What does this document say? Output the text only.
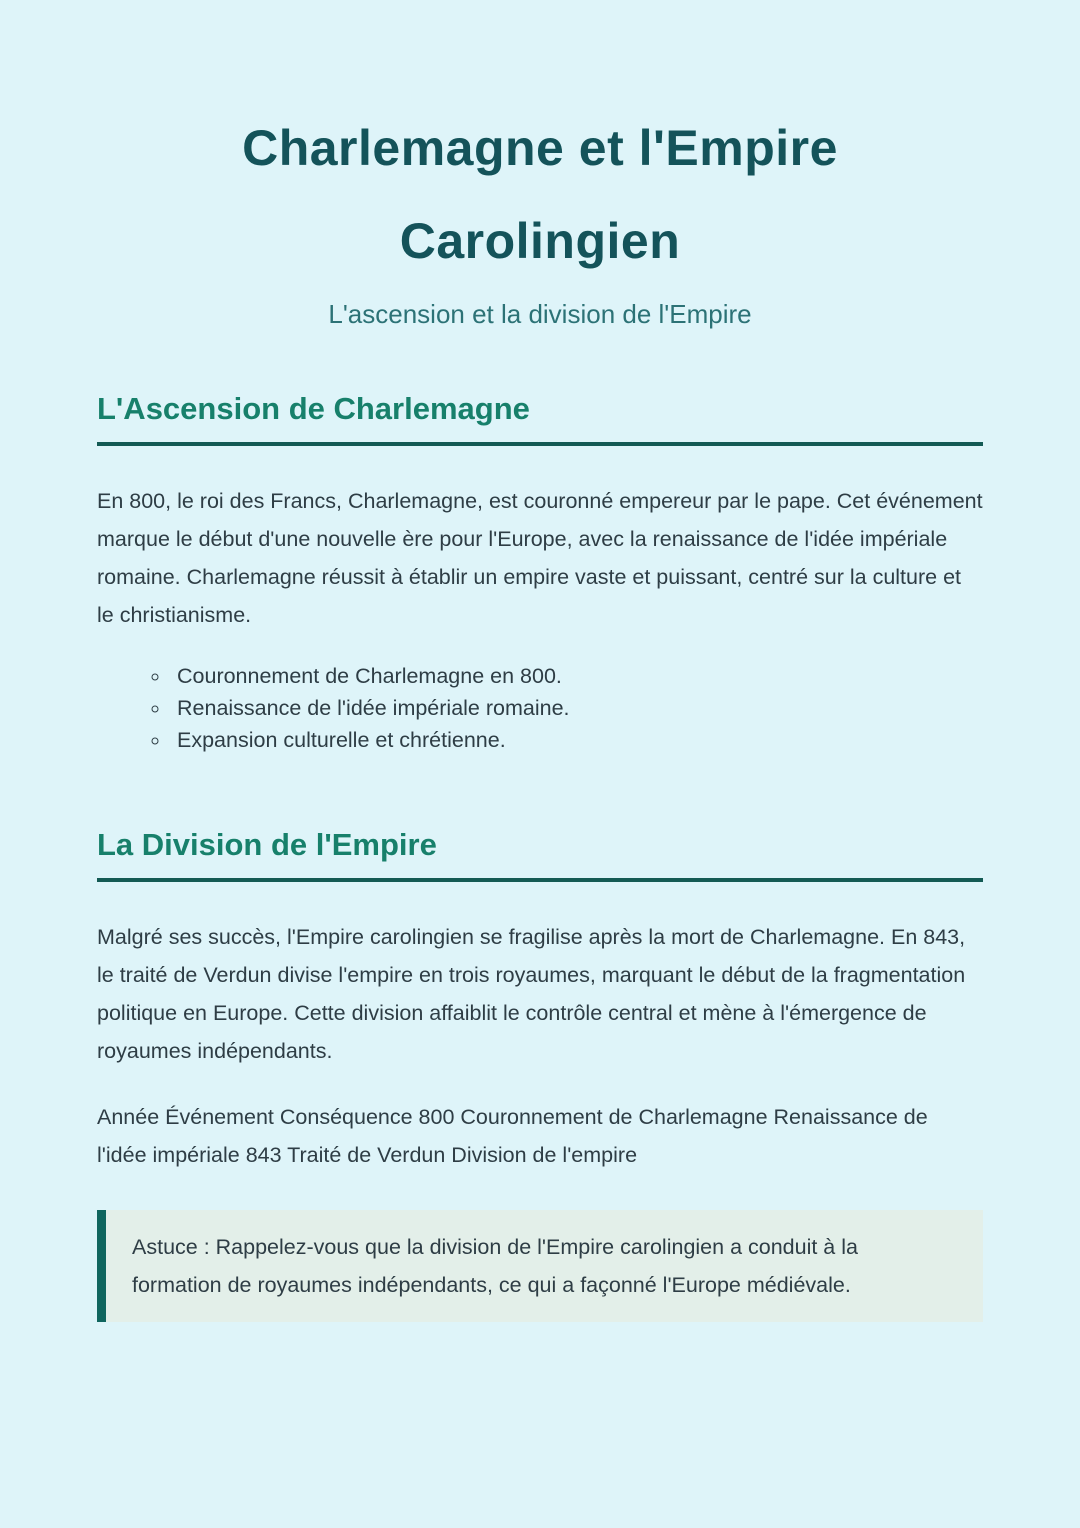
Charlemagne et l'Empire Carolingien

L'ascension et la division de l'Empire

L'Ascension de Charlemagne

En 800, le roi des Francs, Charlemagne, est couronné empereur par le pape. Cet événement marque le début d'une nouvelle ère pour l'Europe, avec la renaissance de l'idée impériale romaine. Charlemagne réussit à établir un empire vaste et puissant, centré sur la culture et le christianisme.

◦ Couronnement de Charlemagne en 800.
◦ Renaissance de l'idée impériale romaine.
◦ Expansion culturelle et chrétienne.
La Division de l'Empire

Malgré ses succès, l'Empire carolingien se fragilise après la mort de Charlemagne. En 843, le traité de Verdun divise l'empire en trois royaumes, marquant le début de la fragmentation politique en Europe. Cette division affaiblit le contrôle central et mène à l'émergence de royaumes indépendants.

Année Événement Conséquence 800 Couronnement de Charlemagne Renaissance de l'idée impériale 843 Traité de Verdun Division de l'empire

Astuce : Rappelez-vous que la division de l'Empire carolingien a conduit à la formation de royaumes indépendants, ce qui a façonné l'Europe médiévale.
